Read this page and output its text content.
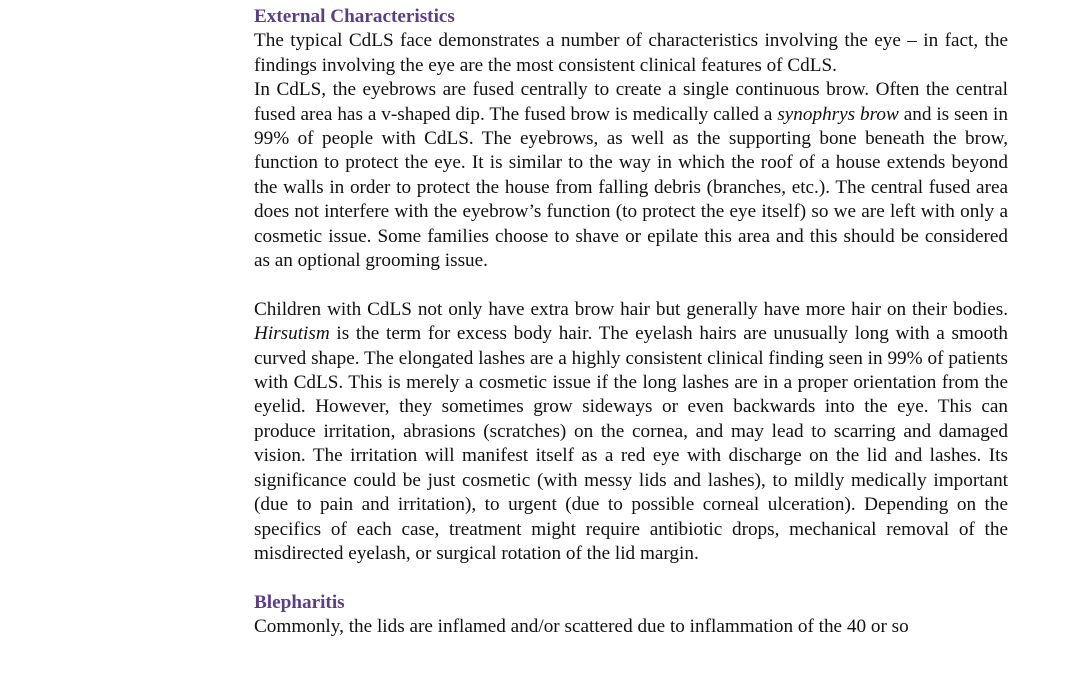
External Characteristics

The typical CdLS face demonstrates a number of characteristics involving the eye – in fact, the findings involving the eye are the most consistent clinical features of CdLS.

In CdLS, the eyebrows are fused centrally to create a single continuous brow. Often the central fused area has a v-shaped dip. The fused brow is medically called a synophrys brow and is seen in 99% of people with CdLS. The eyebrows, as well as the supporting bone beneath the brow, function to protect the eye. It is similar to the way in which the roof of a house extends beyond the walls in order to protect the house from falling debris (branches, etc.). The central fused area does not interfere with the eyebrow’s function (to protect the eye itself) so we are left with only a cosmetic issue. Some families choose to shave or epilate this area and this should be considered as an optional grooming issue.

Children with CdLS not only have extra brow hair but generally have more hair on their bodies. Hirsutism is the term for excess body hair. The eyelash hairs are unusually long with a smooth curved shape. The elongated lashes are a highly consistent clinical finding seen in 99% of patients with CdLS. This is merely a cosmetic issue if the long lashes are in a proper orientation from the eyelid. However, they sometimes grow sideways or even backwards into the eye. This can produce irritation, abrasions (scratches) on the cornea, and may lead to scarring and damaged vision. The irritation will manifest itself as a red eye with discharge on the lid and lashes. Its significance could be just cosmetic (with messy lids and lashes), to mildly medically important (due to pain and irritation), to urgent (due to possible corneal ulceration). Depending on the specifics of each case, treatment might require antibiotic drops, mechanical removal of the misdirected eyelash, or surgical rotation of the lid margin.

Blepharitis

Commonly, the lids are inflamed and/or scattered due to inflammation of the 40 or so
